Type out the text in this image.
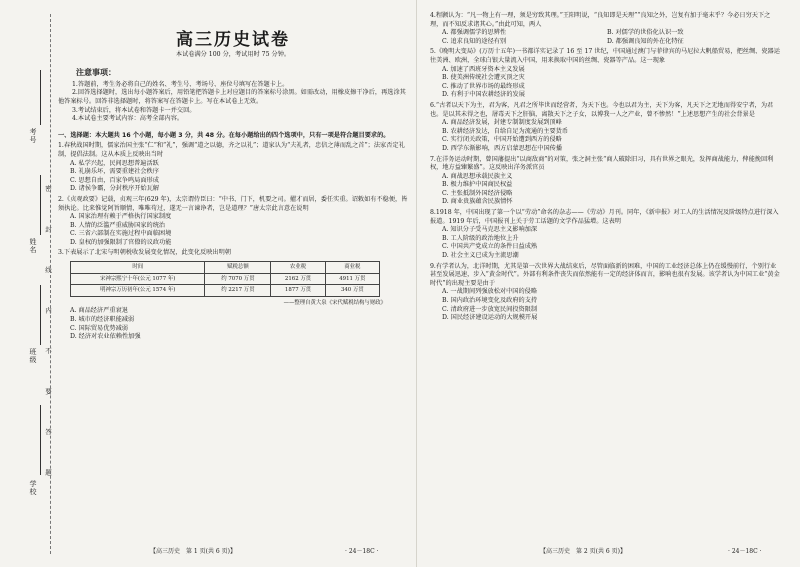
考号
姓名
班级
学校 密 封 线 内 不 要 答 题
高三历史试卷
本试卷满分 100 分，考试用时 75 分钟。
注意事项：

1.答题前，考生务必将自己的姓名、考生号、考场号、座位号填写在答题卡上。

2.回答选择题时，选出每小题答案后，用铅笔把答题卡上对应题目的答案标号涂黑。如需改动，用橡皮擦干净后，再选涂其他答案标号。回答非选择题时，将答案写在答题卡上。写在本试卷上无效。

3.考试结束后，将本试卷和答题卡一并交回。

4.本试卷主要考试内容：高考全部内容。

一、选择题：本大题共 16 个小题，每小题 3 分，共 48 分。在每小题给出的四个选项中，只有一项是符合题目要求的。
1.春秋战国时期，儒家治国主张“仁”和“礼”，强调“道之以德，齐之以礼”；道家认为“夫礼者，忠信之薄而乱之首”；法家否定礼制，提倡法制。这从本质上反映出当时
A. 私学兴起，民间思想普遍活跃
B. 礼崩乐坏，需要重建社会秩序
C. 思想自由，百家争鸣局面形成
D. 诸侯争霸，分封秩序开始瓦解
2.《贞观政要》记载，贞观三年(629 年)，太宗谓侍臣曰：“中书、门下，机要之司。擢才而居，委任实重。诏敕如有不稳便，皆须执论。比来惟觉阿旨顺情，唯唯苟过，遂无一言谏诤者，岂是道理？”唐太宗此言意在说明
A. 国家治理有赖于严格执行国家制度
B. 人情的泛滥严重威胁国家的统治
C. 三省六部制在实施过程中面临困境
D. 皇权的加强限制了官僚的议政功能
3.下表展示了北宋与明朝税收发展变化情况，此变化反映出明朝
时间	赋税总额	农业税	商业税
宋神宗熙宁十年(公元 1077 年)	约 7070 万贯	2162 万贯	4911 万贯
明神宗万历初年(公元 1574 年)	约 2217 万贯	1877 万贯	340 万贯
——整理自黄大泉《宋代赋税结构与财政》
A. 商品经济严重衰退
B. 城市的经济职能减弱
C. 国际贸易优势减弱
D. 经济对农业依赖性加强
【高三历史　第 1 页(共 6 页)】	· 24－18C ·
4.程颢认为：“凡一物上有一理，须是穷致其理。”王阳明说，“良知即是天理”“良知之外，岂复有加于毫末乎？今必日穷天下之理，而不知反求诸其心。”由此可知，两人
A. 都强调儒学的思辨性	B. 对儒学的世俗化认识一致
C. 追求良知的途径有别	D. 都强调良知的外在化特征
5.《晚明大变局》(万历十五年)一书都详实记录了 16 至 17 世纪，中国通过澳门与菲律宾的马尼拉大帆船贸易，把丝绸、瓷器运往美洲、欧洲，全球白银大量流入中国，用来换取中国的丝绸、瓷器等产品。这一现象
A. 加速了西班牙资本主义发展
B. 使美洲传统社会遭灭顶之灾
C. 推动了世界市场的最终形成
D. 有利于中国农耕经济的发展
6.“古者以天下为主，君为客，凡君之所毕世而经营者，为天下也。今也以君为主，天下为客，凡天下之无地而得安宁者，为君也。是以其未得之也，屠毒天下之肝脑，离散天下之子女，以博我一人之产业，曾不惨然！”上述思想产生的社会背景是
A. 商品经济发展，封建专制制度发展到顶峰
B. 农耕经济发达，自给自足为流通的主要货币
C. 实行闭关政策，中国开始遭到西方的侵略
D. 西学东渐影响，西方启蒙思想在中国传播
7.在洋务运动时期，曾国藩提出“以商敌商”的对策，张之洞主张“商人破除旧习，具有世界之眼光，发挥商战能力，俾能挽回利权，地方益臻繁盛”。这反映出洋务派官员
A. 商战思想承载民族主义
B. 极力维护中国商民权益
C. 主张抵制外国经济侵略
D. 商业贵族蕴含民族情怀
8.1918 年，中国出现了第一个以“劳动”命名的杂志——《劳动》月刊。同年，《新申报》对工人的生活情况及阶级特点进行深入报道。1919 年后，中国报刊上关于劳工话题的文学作品猛增。这表明
A. 知识分子受马克思主义影响加深
B. 工人阶级的政治地位上升
C. 中国共产党成立的条件日益成熟
D. 社会主义已成为主流思潮
9.有学者认为，北洋时期，尤其是第一次世界大战结束后，尽管面临新的困难，中国的工业经济总体上仍在缓慢前行，个别行业甚至发展迅速，步入“黄金时代”。外部有利条件丧失而依然能有一定的经济体而言，影响也很有发展。该学者认为中国工业“黄金时代”的出现主要是由于
A. 一战期间列强放松对中国的侵略
B. 国内政治环境变化及政府的支持
C. 清政府进一步放宽民间投资限制
D. 国民经济建设运动的大规模开展
【高三历史　第 2 页(共 6 页)】	· 24－18C ·
